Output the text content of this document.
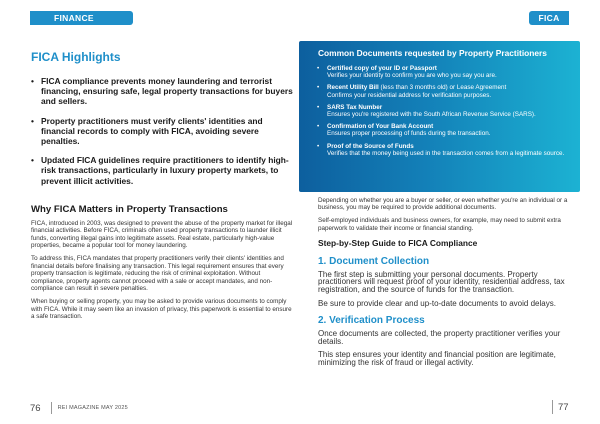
FINANCE	FICA
FICA Highlights
• FICA compliance prevents money laundering and terrorist financing, ensuring safe, legal property transactions for buyers and sellers.
• Property practitioners must verify clients' identities and financial records to comply with FICA, avoiding severe penalties.
• Updated FICA guidelines require practitioners to identify high-risk transactions, particularly in luxury property markets, to prevent illicit activities.
Why FICA Matters in Property Transactions

FICA, introduced in 2003, was designed to prevent the abuse of the property market for illegal financial activities. Before FICA, criminals often used property transactions to launder illicit funds, converting illegal gains into legitimate assets. Real estate, particularly high-value properties, became a popular tool for money laundering.

To address this, FICA mandates that property practitioners verify their clients' identities and financial details before finalising any transaction. This legal requirement ensures that every property transaction is legitimate, reducing the risk of criminal exploitation. Without compliance, property agents cannot proceed with a sale or accept mandates, and non-compliance can result in severe penalties.

When buying or selling property, you may be asked to provide various documents to comply with FICA. While it may seem like an invasion of privacy, this paperwork is essential to ensure a safe transaction.

Common Documents requested by Property Practitioners
• Certified copy of your ID or Passport
Verifies your identity to confirm you are who you say you are.
• Recent Utility Bill (less than 3 months old) or Lease Agreement
Confirms your residential address for verification purposes.
• SARS Tax Number
Ensures you're registered with the South African Revenue Service (SARS).
• Confirmation of Your Bank Account
Ensures proper processing of funds during the transaction.
• Proof of the Source of Funds
Verifies that the money being used in the transaction comes from a legitimate source.

Depending on whether you are a buyer or seller, or even whether you're an individual or a business, you may be required to provide additional documents.

Self-employed individuals and business owners, for example, may need to submit extra paperwork to validate their income or financial standing.

Step-by-Step Guide to FICA Compliance
1. Document Collection

The first step is submitting your personal documents. Property practitioners will request proof of your identity, residential address, tax registration, and the source of funds for the transaction.

Be sure to provide clear and up-to-date documents to avoid delays.

2. Verification Process

Once documents are collected, the property practitioner verifies your details.

This step ensures your identity and financial position are legitimate, minimizing the risk of fraud or illegal activity.

76	REI MAGAZINE MAY 2025	77
